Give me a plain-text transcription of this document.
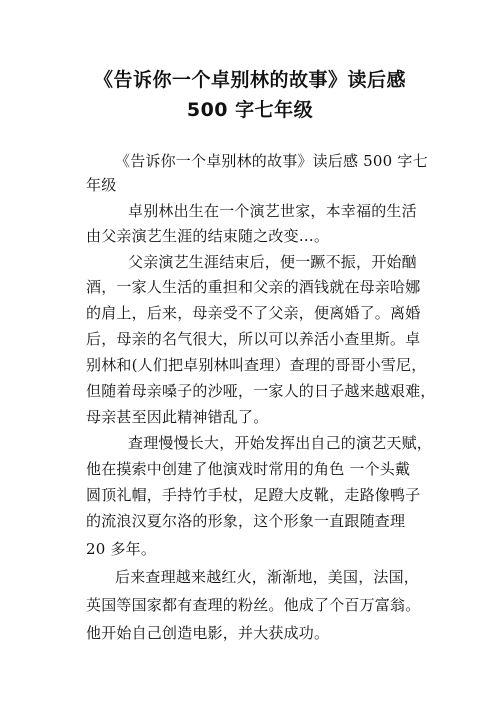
《告诉你一个卓别林的故事》读后感
500 字七年级

《告诉你一个卓别林的故事》读后感 500 字七

年级

卓别林出生在一个演艺世家，本幸福的生活

由父亲演艺生涯的结束随之改变…。

父亲演艺生涯结束后，便一蹶不振，开始酗

酒，一家人生活的重担和父亲的酒钱就在母亲哈娜

的肩上，后来，母亲受不了父亲，便离婚了。离婚

后，母亲的名气很大，所以可以养活小查里斯。卓

别林和(人们把卓别林叫查理）查理的哥哥小雪尼，

但随着母亲嗓子的沙哑，一家人的日子越来越艰难，

母亲甚至因此精神错乱了。

查理慢慢长大，开始发挥出自己的演艺天赋，

他在摸索中创建了他演戏时常用的角色 一个头戴

圆顶礼帽，手持竹手杖，足蹬大皮靴，走路像鸭子

的流浪汉夏尔洛的形象，这个形象一直跟随查理

20 多年。

后来查理越来越红火，渐渐地，美国，法国，

英国等国家都有查理的粉丝。他成了个百万富翁。

他开始自己创造电影，并大获成功。
